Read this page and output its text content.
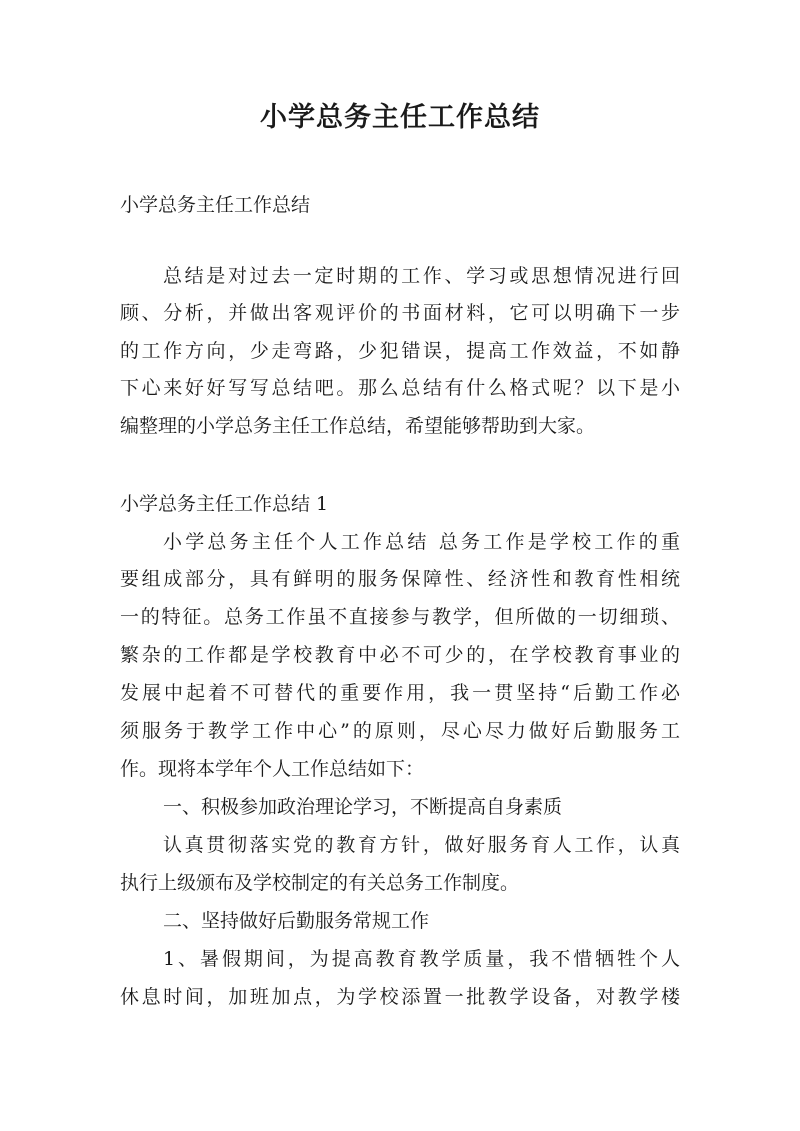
小学总务主任工作总结
小学总务主任工作总结
总结是对过去一定时期的工作、学习或思想情况进行回
顾、分析，并做出客观评价的书面材料，它可以明确下一步
的工作方向，少走弯路，少犯错误，提高工作效益，不如静
下心来好好写写总结吧。那么总结有什么格式呢？以下是小
编整理的小学总务主任工作总结，希望能够帮助到大家。
小学总务主任工作总结 1
小学总务主任个人工作总结 总务工作是学校工作的重
要组成部分，具有鲜明的服务保障性、经济性和教育性相统
一的特征。总务工作虽不直接参与教学，但所做的一切细琐、
繁杂的工作都是学校教育中必不可少的，在学校教育事业的
发展中起着不可替代的重要作用，我一贯坚持“后勤工作必
须服务于教学工作中心”的原则，尽心尽力做好后勤服务工
作。现将本学年个人工作总结如下：
一、积极参加政治理论学习，不断提高自身素质
认真贯彻落实党的教育方针，做好服务育人工作，认真
执行上级颁布及学校制定的有关总务工作制度。
二、坚持做好后勤服务常规工作
1、暑假期间，为提高教育教学质量，我不惜牺牲个人
休息时间，加班加点，为学校添置一批教学设备，对教学楼
